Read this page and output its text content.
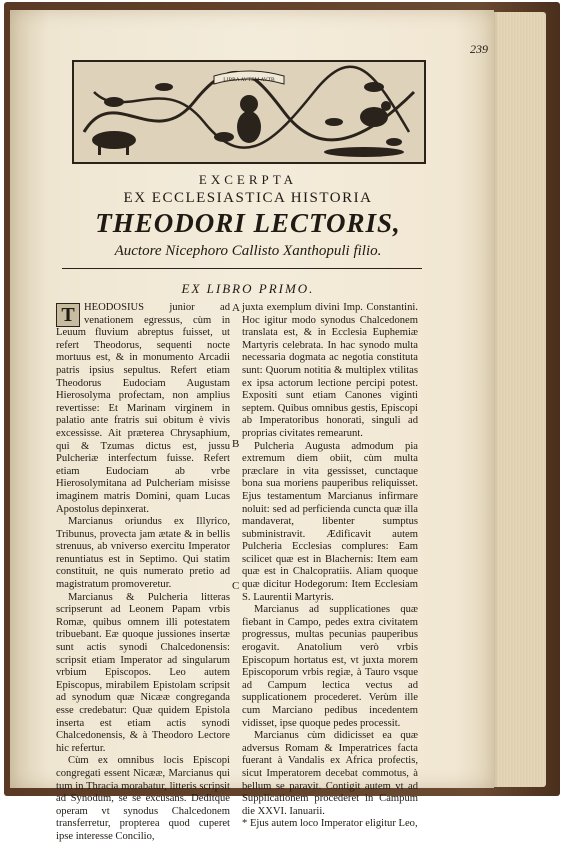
239
LIBRA AVTEM AVTB
EXCERPTA
EX ECCLESIASTICA HISTORIA
THEODORI LECTORIS,
Auctore Nicephoro Callisto Xanthopuli filio.
EX LIBRO PRIMO.

T HEODOSIUS junior ad venationem egressus, cùm in Leuum fluvium abreptus fuisset, ut refert Theodorus, sequenti nocte mortuus est, & in monumento Arcadii patris ipsius sepultus. Refert etiam Theodorus Eudociam Augustam Hierosolyma profectam, non amplius revertisse: Et Marinam virginem in palatio ante fratris sui obitum è vivis excessisse. Ait præterea Chrysaphium, qui & Tzumas dictus est, jussu Pulcheriæ interfectum fuisse. Refert etiam Eudociam ab vrbe Hierosolymitana ad Pulcheriam misisse imaginem matris Domini, quam Lucas Apostolus depinxerat.

Marcianus oriundus ex Illyrico, Tribunus, provecta jam ætate & in bellis strenuus, ab vniverso exercitu Imperator renuntiatus est in Septimo. Qui statim constituit, ne quis numerato pretio ad magistratum promoveretur.

Marcianus & Pulcheria litteras scripserunt ad Leonem Papam vrbis Romæ, quibus omnem illi potestatem tribuebant. Eæ quoque jussiones insertæ sunt actis synodi Chalcedonensis: scripsit etiam Imperator ad singularum vrbium Episcopos. Leo autem Episcopus, mirabilem Epistolam scripsit ad synodum quæ Nicææ congreganda esse credebatur: Quæ quidem Epistola inserta est etiam actis synodi Chalcedonensis, & à Theodoro Lectore hic refertur.

Cùm ex omnibus locis Episcopi congregati essent Nicææ, Marcianus qui tum in Thracia morabatur, litteris scripsit ad Synodum, se se excusans. Deditque operam vt synodus Chalcedonem transferretur, propterea quod cuperet ipse interesse Concilio,

A
B
C

juxta exemplum divini Imp. Constantini. Hoc igitur modo synodus Chalcedonem translata est, & in Ecclesia Euphemiæ Martyris celebrata. In hac synodo multa necessaria dogmata ac negotia constituta sunt: Quorum notitia & multiplex vtilitas ex ipsa actorum lectione percipi potest. Expositi sunt etiam Canones viginti septem. Quibus omnibus gestis, Episcopi ab Imperatoribus honorati, singuli ad proprias civitates remearunt.

Pulcheria Augusta admodum pia extremum diem obiit, cùm multa præclare in vita gessisset, cunctaque bona sua moriens pauperibus reliquisset. Ejus testamentum Marcianus infirmare noluit: sed ad perficienda cuncta quæ illa mandaverat, libenter sumptus subministravit. Ædificavit autem Pulcheria Ecclesias complures: Eam scilicet quæ est in Blachernis: Item eam quæ est in Chalcopratiis. Aliam quoque quæ dicitur Hodegorum: Item Ecclesiam S. Laurentii Martyris.

Marcianus ad supplicationes quæ fiebant in Campo, pedes extra civitatem progressus, multas pecunias pauperibus erogavit. Anatolium verò vrbis Episcopum hortatus est, vt juxta morem Episcoporum vrbis regiæ, à Tauro vsque ad Campum lectica vectus ad supplicationem procederet. Verùm ille cum Marciano pedibus incedentem vidisset, ipse quoque pedes processit.

Marcianus cùm didicisset ea quæ adversus Romam & Imperatrices facta fuerant à Vandalis ex Africa profectis, sicut Imperatorem decebat commotus, à bellum se paravit. Contigit autem vt ad Supplicationem procederet in Campum die XXVI. Ianuarii.

* Ejus autem loco Imperator eligitur Leo,
